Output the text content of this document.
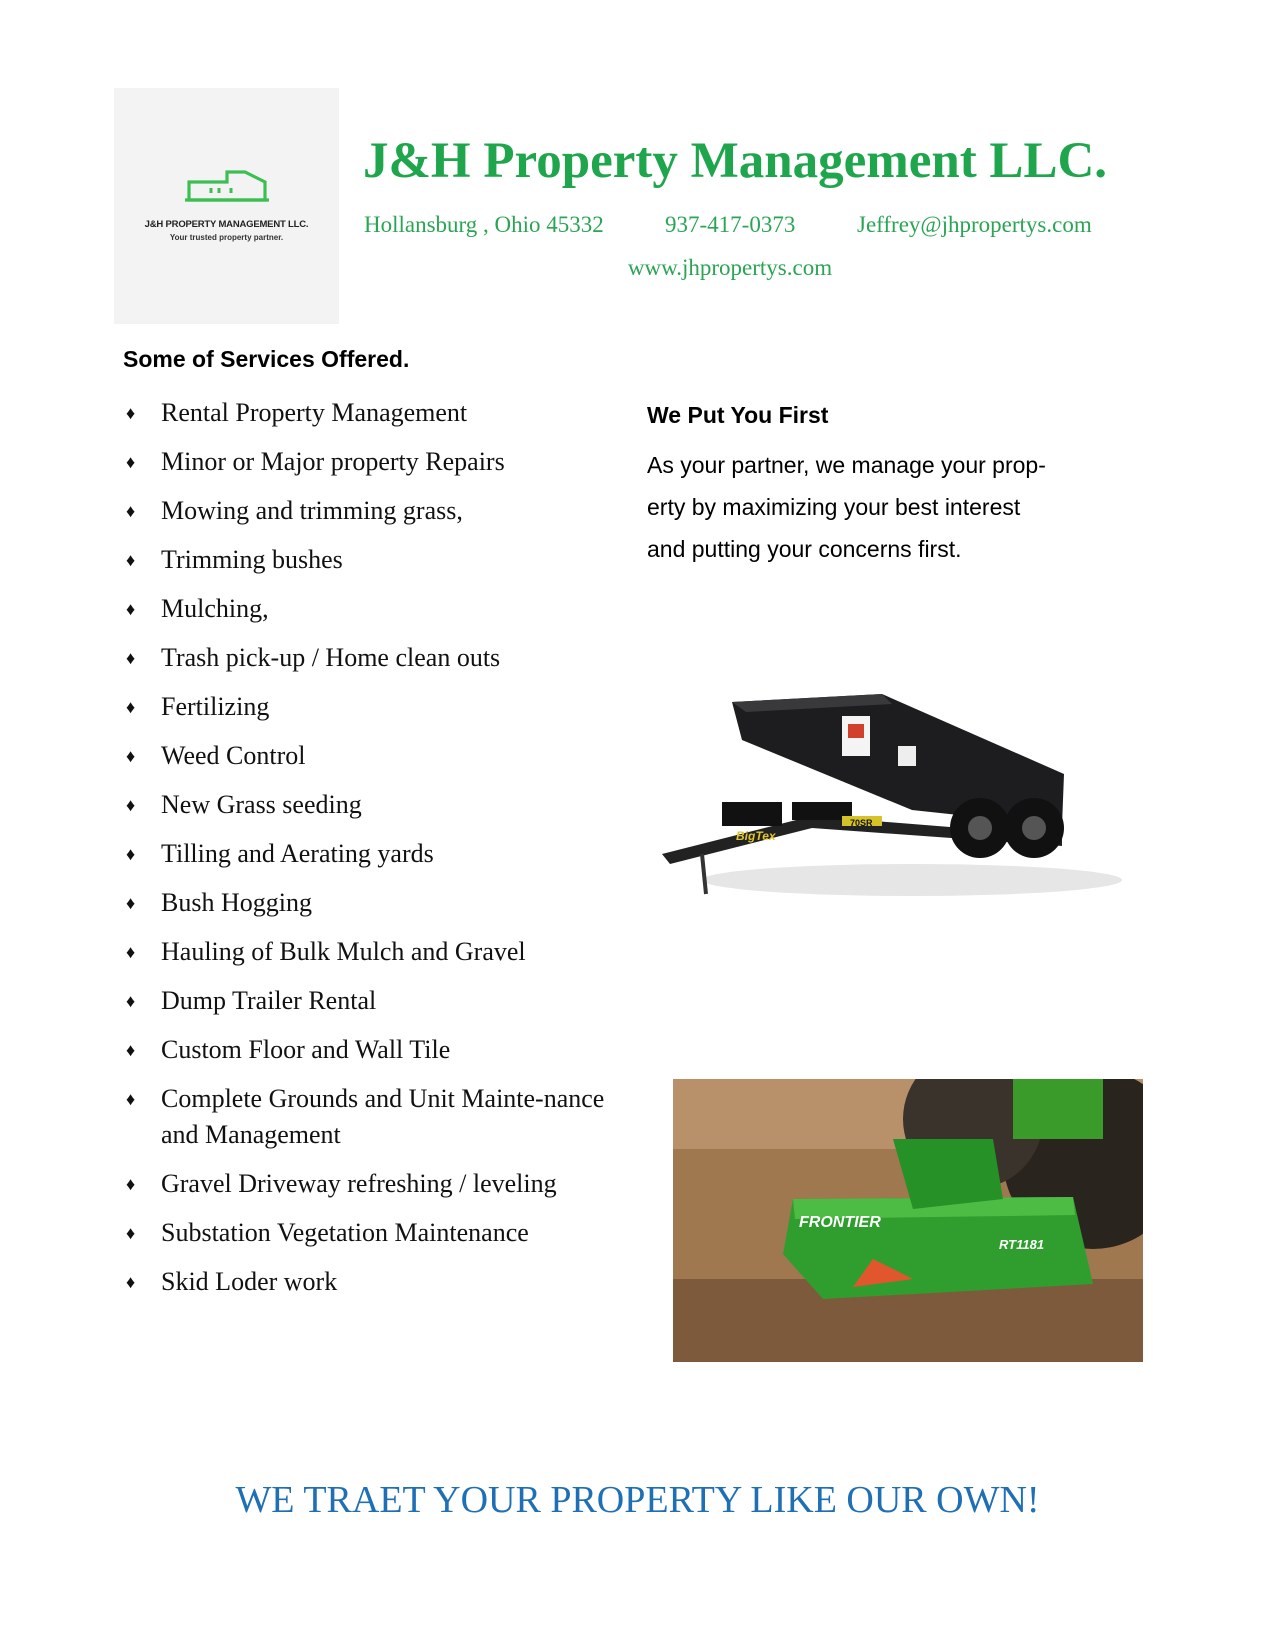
J&H PROPERTY MANAGEMENT LLC.
Your trusted property partner.
J&H Property Management LLC.
Hollansburg , Ohio 45332	937-417-0373	Jeffrey@jhpropertys.com
www.jhpropertys.com
Some of Services Offered.
♦ Rental Property Management
♦ Minor or Major property Repairs
♦ Mowing and trimming grass,
♦ Trimming bushes
♦ Mulching,
♦ Trash pick-up / Home clean outs
♦ Fertilizing
♦ Weed Control
♦ New Grass seeding
♦ Tilling and Aerating yards
♦ Bush Hogging
♦ Hauling of Bulk Mulch and Gravel
♦ Dump Trailer Rental
♦ Custom Floor and Wall Tile
♦ Complete Grounds and Unit Mainte-nance and Management
♦ Gravel Driveway refreshing / leveling
♦ Substation Vegetation Maintenance
♦ Skid Loder work
We Put You First
As your partner, we manage your prop-
erty by maximizing your best interest
and putting your concerns first.
BigTex
70SR
FRONTIER
RT1181
WE TRAET YOUR PROPERTY LIKE OUR OWN!
